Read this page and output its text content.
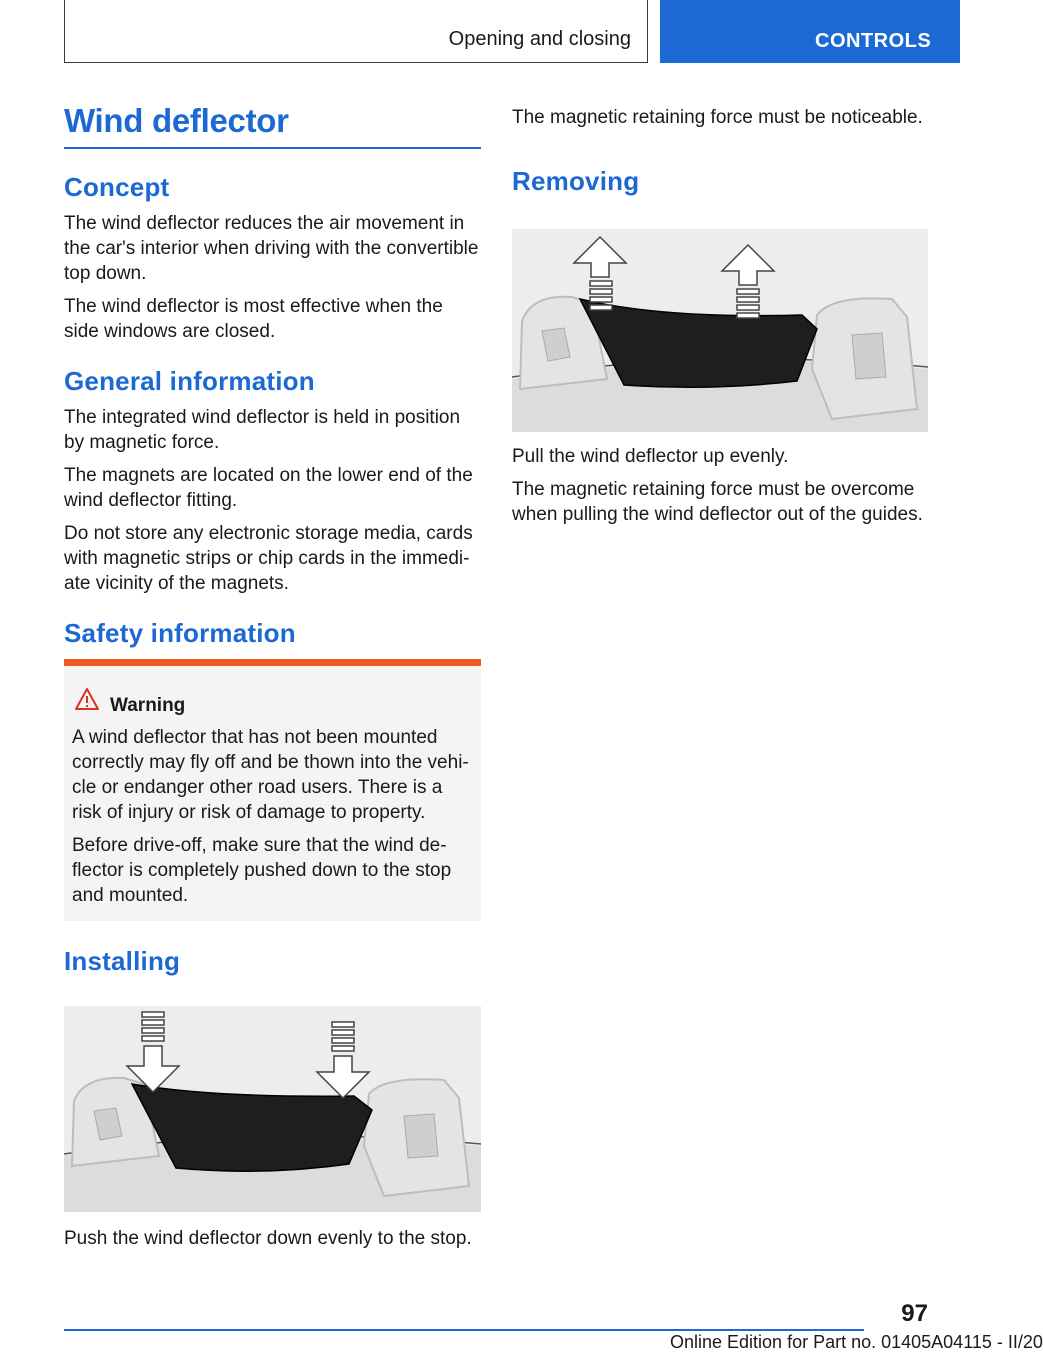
Opening and closing	CONTROLS
Wind deflector
Concept

The wind deflector reduces the air movement in the car's interior when driving with the convertible top down.

The wind deflector is most effective when the side windows are closed.

General information

The integrated wind deflector is held in position by magnetic force.

The magnets are located on the lower end of the wind deflector fitting.

Do not store any electronic storage media, cards with magnetic strips or chip cards in the immedi-ate vicinity of the magnets.

Safety information
Warning

A wind deflector that has not been mounted correctly may fly off and be thown into the vehi-cle or endanger other road users. There is a risk of injury or risk of damage to property.

Before drive-off, make sure that the wind de-flector is completely pushed down to the stop and mounted.

Installing
Push the wind deflector down evenly to the stop.

The magnetic retaining force must be noticeable.

Removing

Pull the wind deflector up evenly.

The magnetic retaining force must be overcome when pulling the wind deflector out of the guides.

97
Online Edition for Part no. 01405A04115 - II/20
